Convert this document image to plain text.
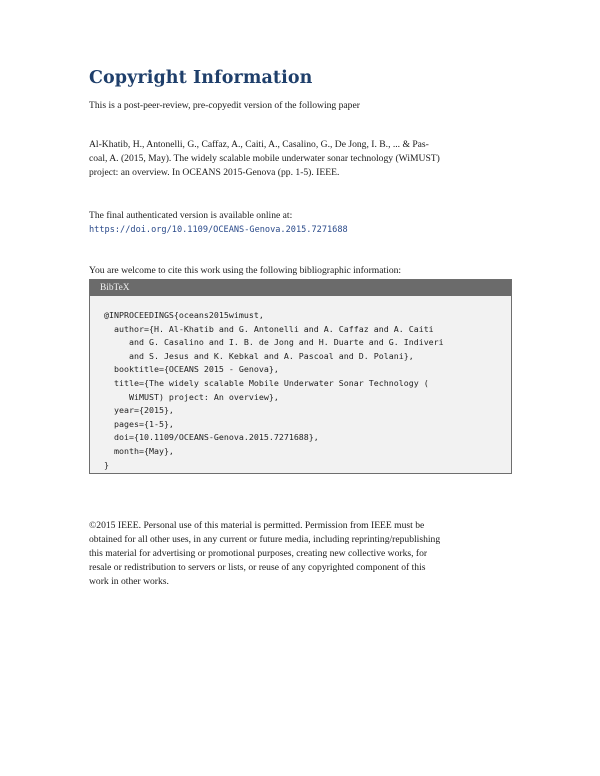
Copyright Information
This is a post-peer-review, pre-copyedit version of the following paper
Al-Khatib, H., Antonelli, G., Caffaz, A., Caiti, A., Casalino, G., De Jong, I. B., ... & Pas-
coal, A. (2015, May). The widely scalable mobile underwater sonar technology (WiMUST)
project: an overview. In OCEANS 2015-Genova (pp. 1-5). IEEE.
The final authenticated version is available online at:
https://doi.org/10.1109/OCEANS-Genova.2015.7271688
You are welcome to cite this work using the following bibliographic information:
BibTeX
@INPROCEEDINGS{oceans2015wimust,
author={H. Al-Khatib and G. Antonelli and A. Caffaz and A. Caiti
and G. Casalino and I. B. de Jong and H. Duarte and G. Indiveri
and S. Jesus and K. Kebkal and A. Pascoal and D. Polani},
booktitle={OCEANS 2015 - Genova},
title={The widely scalable Mobile Underwater Sonar Technology (
WiMUST) project: An overview},
year={2015},
pages={1-5},
doi={10.1109/OCEANS-Genova.2015.7271688},
month={May},
}
©2015 IEEE. Personal use of this material is permitted. Permission from IEEE must be
obtained for all other uses, in any current or future media, including reprinting/republishing
this material for advertising or promotional purposes, creating new collective works, for
resale or redistribution to servers or lists, or reuse of any copyrighted component of this
work in other works.
